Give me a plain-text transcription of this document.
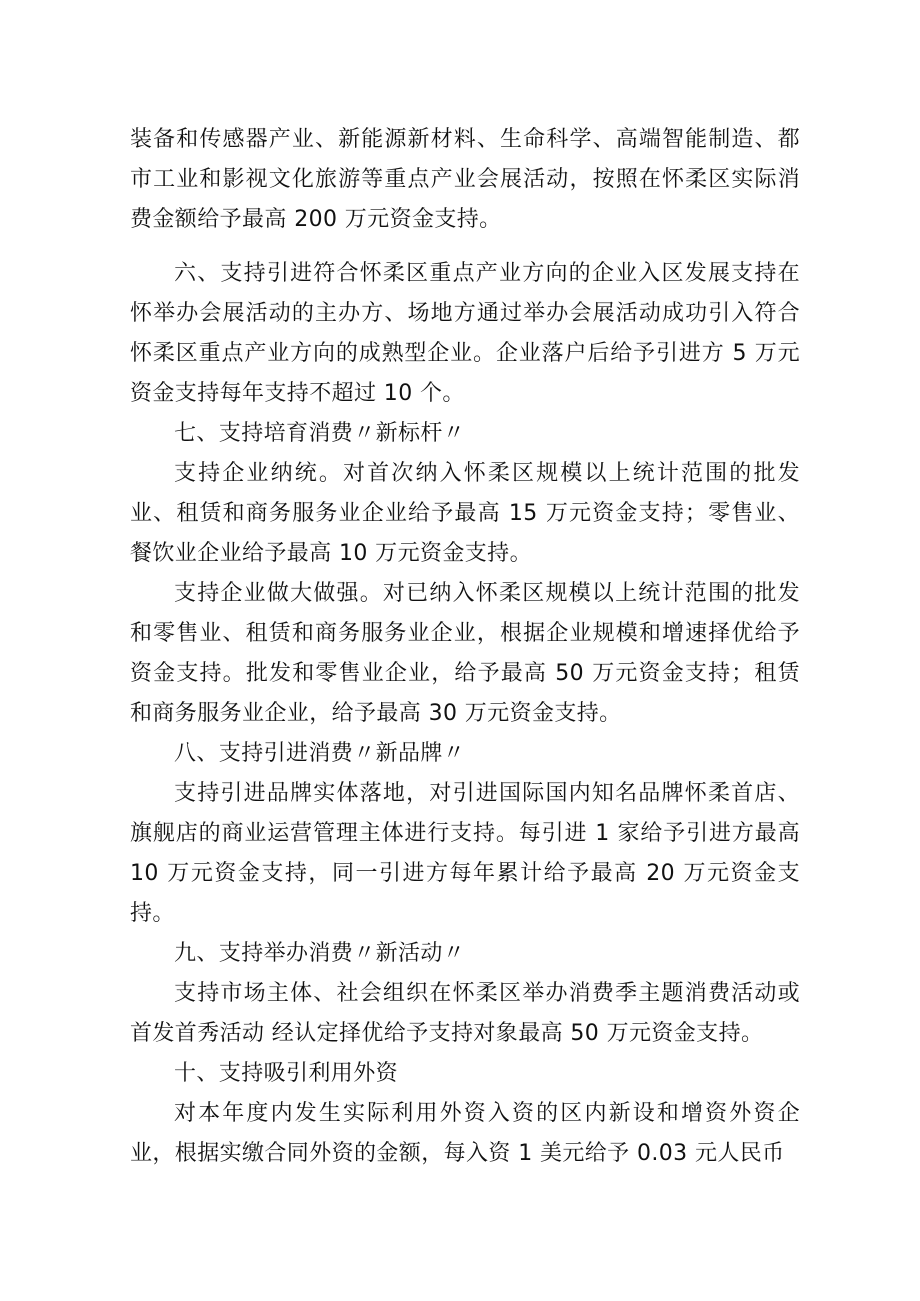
装备和传感器产业、新能源新材料、生命科学、高端智能制造、都市工业和影视文化旅游等重点产业会展活动，按照在怀柔区实际消费金额给予最高 200 万元资金支持。

六、支持引进符合怀柔区重点产业方向的企业入区发展支持在怀举办会展活动的主办方、场地方通过举办会展活动成功引入符合怀柔区重点产业方向的成熟型企业。企业落户后给予引进方 5 万元资金支持每年支持不超过 10 个。

七、支持培育消费〃新标杆〃

支持企业纳统。对首次纳入怀柔区规模以上统计范围的批发业、租赁和商务服务业企业给予最高 15 万元资金支持；零售业、餐饮业企业给予最高 10 万元资金支持。

支持企业做大做强。对已纳入怀柔区规模以上统计范围的批发和零售业、租赁和商务服务业企业，根据企业规模和增速择优给予资金支持。批发和零售业企业，给予最高 50 万元资金支持；租赁和商务服务业企业，给予最高 30 万元资金支持。

八、支持引进消费〃新品牌〃

支持引进品牌实体落地，对引进国际国内知名品牌怀柔首店、旗舰店的商业运营管理主体进行支持。每引进 1 家给予引进方最高 10 万元资金支持，同一引进方每年累计给予最高 20 万元资金支持。

九、支持举办消费〃新活动〃

支持市场主体、社会组织在怀柔区举办消费季主题消费活动或首发首秀活动 经认定择优给予支持对象最高 50 万元资金支持。

十、支持吸引利用外资

对本年度内发生实际利用外资入资的区内新设和增资外资企业，根据实缴合同外资的金额，每入资 1 美元给予 0.03 元人民币
